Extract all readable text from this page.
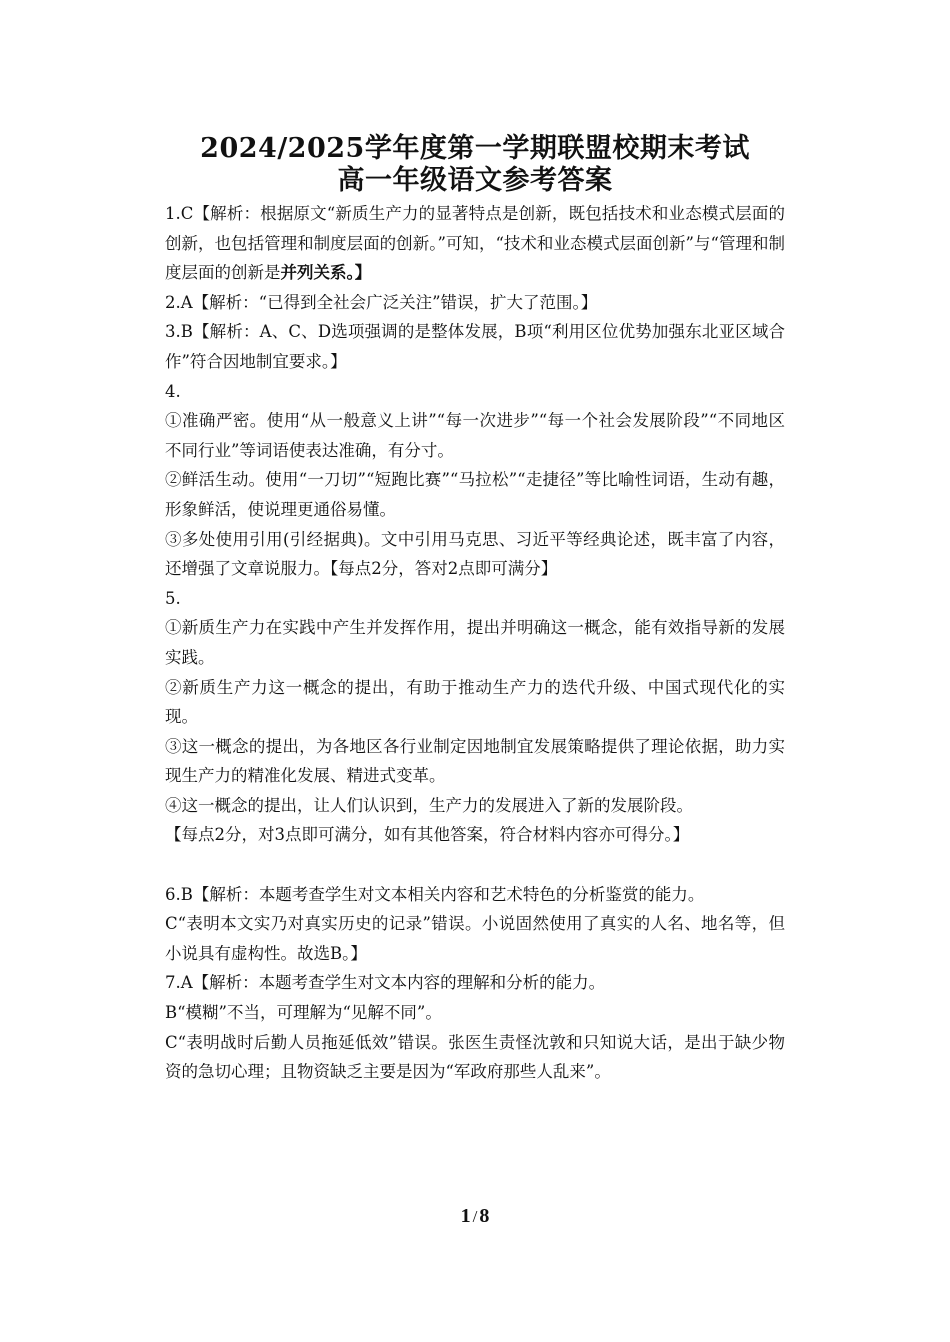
2024/2025学年度第一学期联盟校期末考试
高一年级语文参考答案

1.C【解析：根据原文“新质生产力的显著特点是创新，既包括技术和业态模式层面的创新，也包括管理和制度层面的创新。”可知，“技术和业态模式层面创新”与“管理和制度层面的创新是并列关系。】

2.A【解析：“已得到全社会广泛关注”错误，扩大了范围。】

3.B【解析：A、C、D选项强调的是整体发展，B项“利用区位优势加强东北亚区域合作”符合因地制宜要求。】

4.

①准确严密。使用“从一般意义上讲”“每一次进步”“每一个社会发展阶段”“不同地区不同行业”等词语使表达准确，有分寸。

②鲜活生动。使用“一刀切”“短跑比赛”“马拉松”“走捷径”等比喻性词语，生动有趣，形象鲜活，使说理更通俗易懂。

③多处使用引用(引经据典)。文中引用马克思、习近平等经典论述，既丰富了内容，还增强了文章说服力。【每点2分，答对2点即可满分】

5.

①新质生产力在实践中产生并发挥作用，提出并明确这一概念，能有效指导新的发展实践。

②新质生产力这一概念的提出，有助于推动生产力的迭代升级、中国式现代化的实现。

③这一概念的提出，为各地区各行业制定因地制宜发展策略提供了理论依据，助力实现生产力的精准化发展、精进式变革。

④这一概念的提出，让人们认识到，生产力的发展进入了新的发展阶段。

【每点2分，对3点即可满分，如有其他答案，符合材料内容亦可得分。】

6.B【解析：本题考查学生对文本相关内容和艺术特色的分析鉴赏的能力。

C“表明本文实乃对真实历史的记录”错误。小说固然使用了真实的人名、地名等，但小说具有虚构性。故选B。】

7.A【解析：本题考查学生对文本内容的理解和分析的能力。

B“模糊”不当，可理解为“见解不同”。

C“表明战时后勤人员拖延低效”错误。张医生责怪沈敦和只知说大话，是出于缺少物资的急切心理；且物资缺乏主要是因为“军政府那些人乱来”。

1 / 8
